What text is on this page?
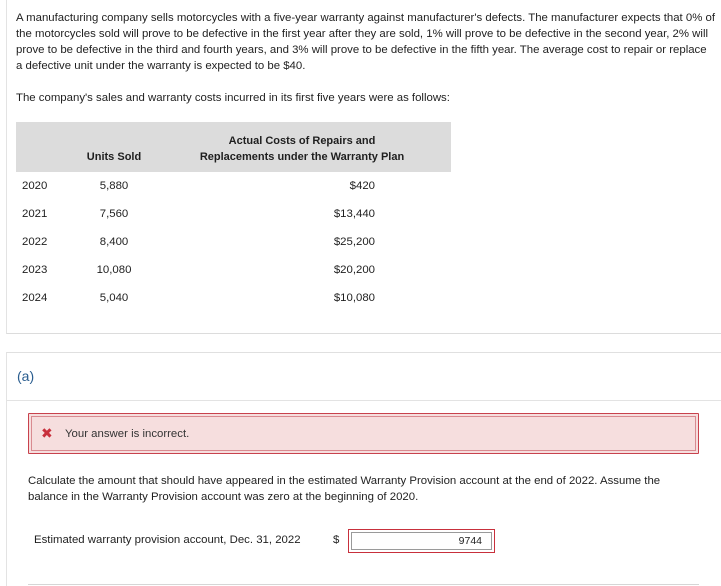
A manufacturing company sells motorcycles with a five-year warranty against manufacturer's defects. The manufacturer expects that 0% of the motorcycles sold will prove to be defective in the first year after they are sold, 1% will prove to be defective in the second year, 2% will prove to be defective in the third and fourth years, and 3% will prove to be defective in the fifth year. The average cost to repair or replace a defective unit under the warranty is expected to be $40.

The company's sales and warranty costs incurred in its first five years were as follows:

	Units Sold	Actual Costs of Repairs and
Replacements under the Warranty Plan
2020	5,880	$420
2021	7,560	$13,440
2022	8,400	$25,200
2023	10,080	$20,200
2024	5,040	$10,080
(a)
✖ Your answer is incorrect.

Calculate the amount that should have appeared in the estimated Warranty Provision account at the end of 2022. Assume the balance in the Warranty Provision account was zero at the beginning of 2020.

Estimated warranty provision account, Dec. 31, 2022	$
9744
